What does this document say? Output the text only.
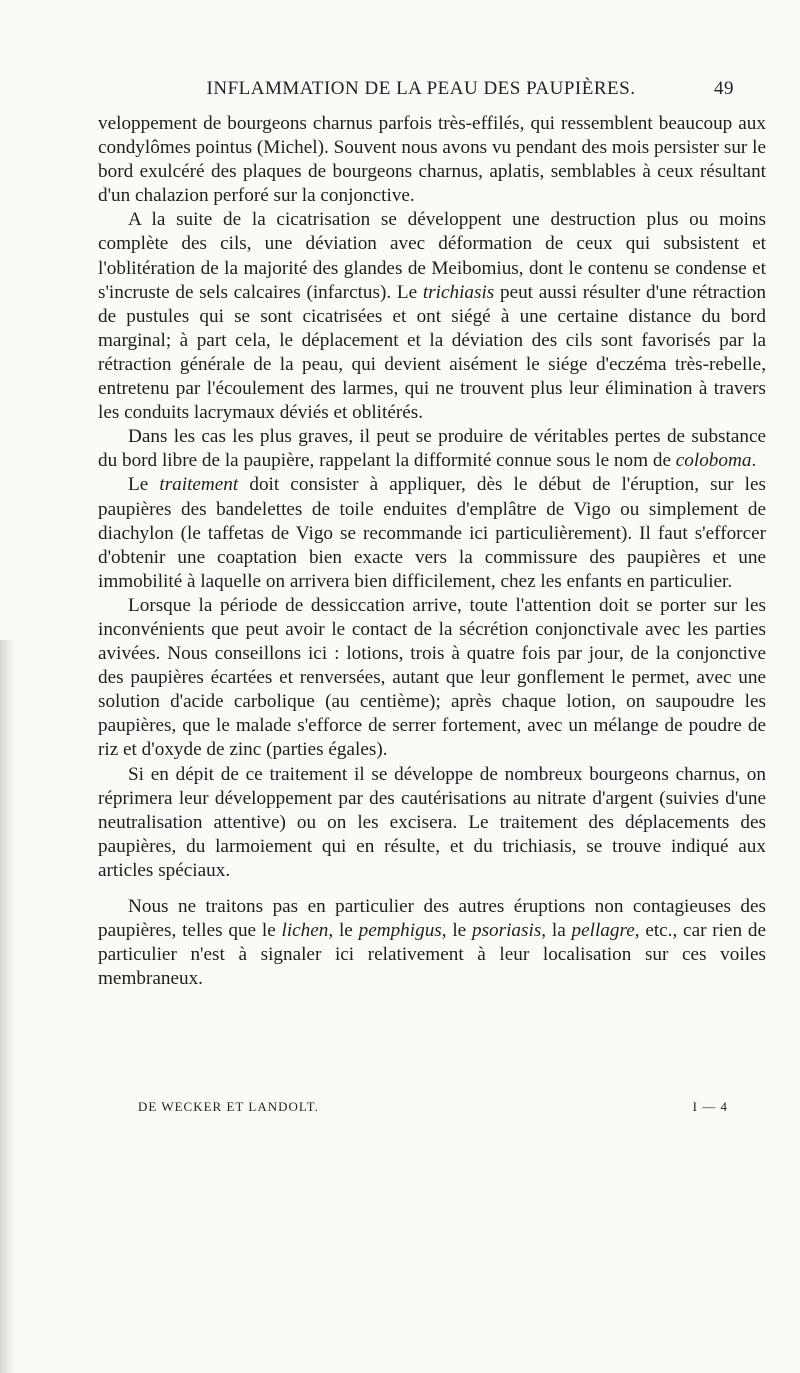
INFLAMMATION DE LA PEAU DES PAUPIÈRES.	49

veloppement de bourgeons charnus parfois très-effilés, qui ressemblent beaucoup aux condylômes pointus (Michel). Souvent nous avons vu pendant des mois persister sur le bord exulcéré des plaques de bourgeons charnus, aplatis, semblables à ceux résultant d'un chalazion perforé sur la conjonctive.

A la suite de la cicatrisation se développent une destruction plus ou moins complète des cils, une déviation avec déformation de ceux qui subsistent et l'oblitération de la majorité des glandes de Meibomius, dont le contenu se condense et s'incruste de sels calcaires (infarctus). Le trichiasis peut aussi résulter d'une rétraction de pustules qui se sont cicatrisées et ont siégé à une certaine distance du bord marginal; à part cela, le déplacement et la déviation des cils sont favorisés par la rétraction générale de la peau, qui devient aisément le siége d'eczéma très-rebelle, entretenu par l'écoulement des larmes, qui ne trouvent plus leur élimination à travers les conduits lacrymaux déviés et oblitérés.

Dans les cas les plus graves, il peut se produire de véritables pertes de substance du bord libre de la paupière, rappelant la difformité connue sous le nom de coloboma.

Le traitement doit consister à appliquer, dès le début de l'éruption, sur les paupières des bandelettes de toile enduites d'emplâtre de Vigo ou simplement de diachylon (le taffetas de Vigo se recommande ici particulièrement). Il faut s'efforcer d'obtenir une coaptation bien exacte vers la commissure des paupières et une immobilité à laquelle on arrivera bien difficilement, chez les enfants en particulier.

Lorsque la période de dessiccation arrive, toute l'attention doit se porter sur les inconvénients que peut avoir le contact de la sécrétion conjonctivale avec les parties avivées. Nous conseillons ici : lotions, trois à quatre fois par jour, de la conjonctive des paupières écartées et renversées, autant que leur gonflement le permet, avec une solution d'acide carbolique (au centième); après chaque lotion, on saupoudre les paupières, que le malade s'efforce de serrer fortement, avec un mélange de poudre de riz et d'oxyde de zinc (parties égales).

Si en dépit de ce traitement il se développe de nombreux bourgeons charnus, on réprimera leur développement par des cautérisations au nitrate d'argent (suivies d'une neutralisation attentive) ou on les excisera. Le traitement des déplacements des paupières, du larmoiement qui en résulte, et du trichiasis, se trouve indiqué aux articles spéciaux.

Nous ne traitons pas en particulier des autres éruptions non contagieuses des paupières, telles que le lichen, le pemphigus, le psoriasis, la pellagre, etc., car rien de particulier n'est à signaler ici relativement à leur localisation sur ces voiles membraneux.

DE WECKER ET LANDOLT.	I — 4
